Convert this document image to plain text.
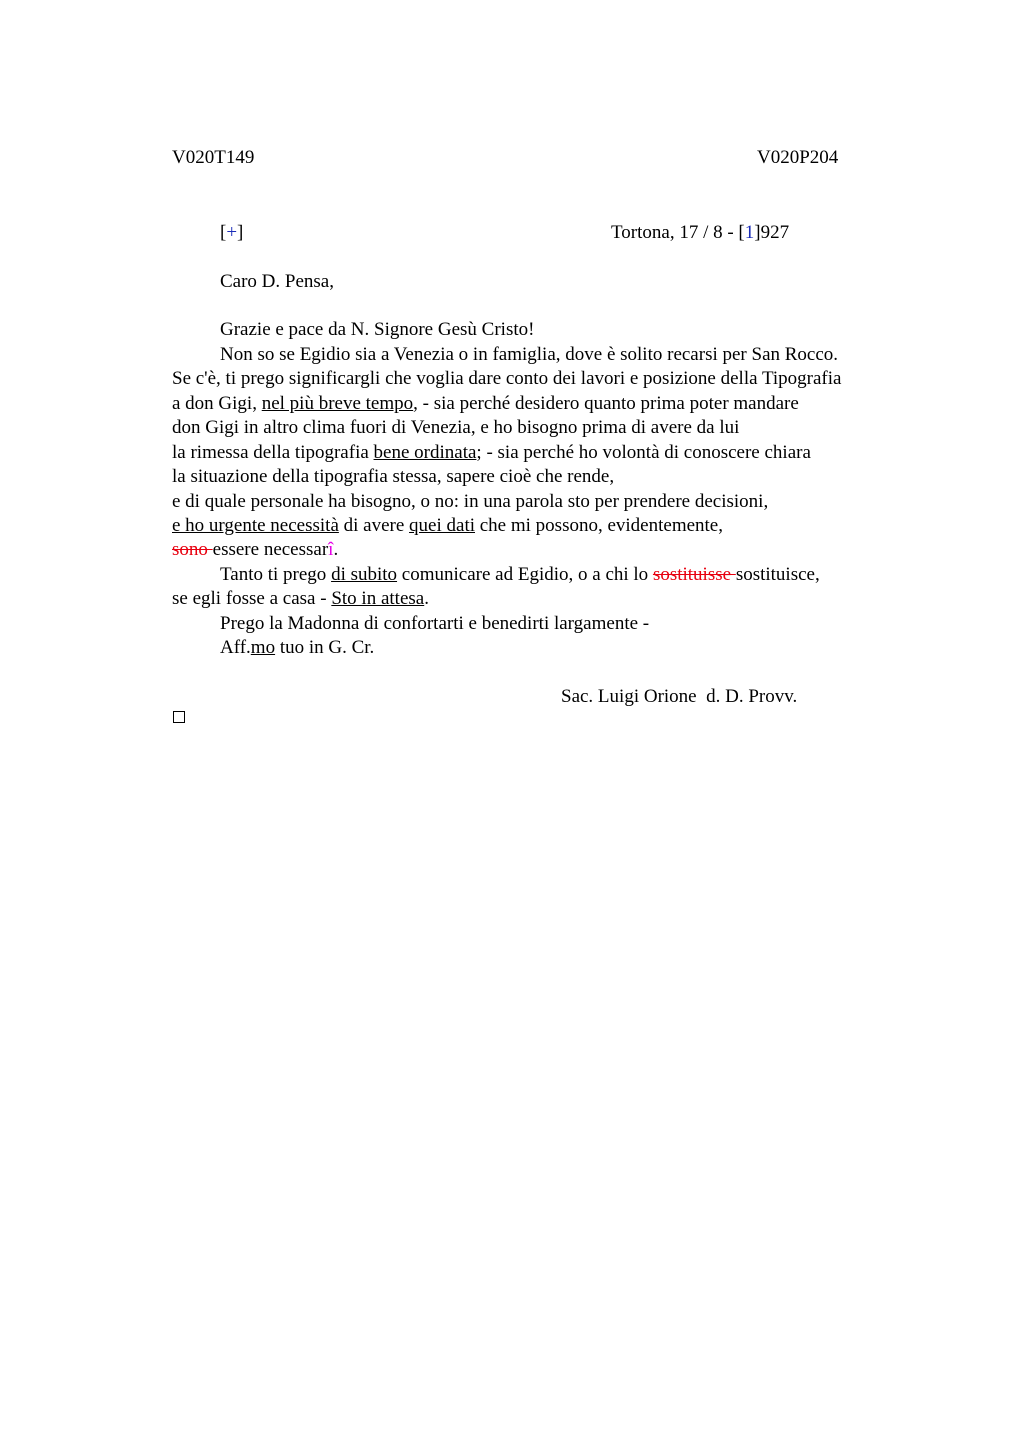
V020T149	V020P204
[+]	Tortona, 17 / 8 - [1]927
Caro D. Pensa,
Grazie e pace da N. Signore Gesù Cristo!
Non so se Egidio sia a Venezia o in famiglia, dove è solito recarsi per San Rocco.
Se c'è, ti prego significargli che voglia dare conto dei lavori e posizione della Tipografia
a don Gigi, nel più breve tempo, - sia perché desidero quanto prima poter mandare
don Gigi in altro clima fuori di Venezia, e ho bisogno prima di avere da lui
la rimessa della tipografia bene ordinata; - sia perché ho volontà di conoscere chiara
la situazione della tipografia stessa, sapere cioè che rende,
e di quale personale ha bisogno, o no: in una parola sto per prendere decisioni,
e ho urgente necessità di avere quei dati che mi possono, evidentemente,
sono essere necessarî.
Tanto ti prego di subito comunicare ad Egidio, o a chi lo sostituisse sostituisce,
se egli fosse a casa - Sto in attesa.
Prego la Madonna di confortarti e benedirti largamente -
Aff.mo tuo in G. Cr.
Sac. Luigi Orione  d. D. Provv.
